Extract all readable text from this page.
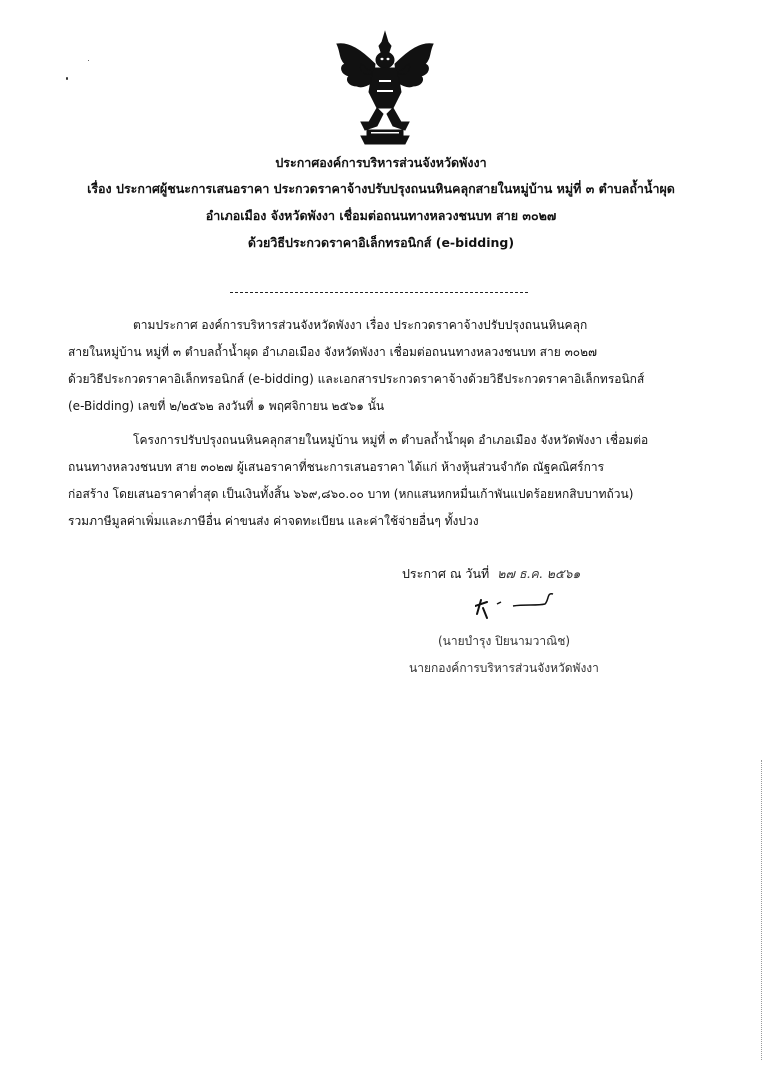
ประกาศองค์การบริหารส่วนจังหวัดพังงา
เรื่อง ประกาศผู้ชนะการเสนอราคา ประกวดราคาจ้างปรับปรุงถนนหินคลุกสายในหมู่บ้าน หมู่ที่ ๓ ตำบลถ้ำน้ำผุด
อำเภอเมือง จังหวัดพังงา เชื่อมต่อถนนทางหลวงชนบท สาย ๓๐๒๗
ด้วยวิธีประกวดราคาอิเล็กทรอนิกส์ (e-bidding)
ตามประกาศ องค์การบริหารส่วนจังหวัดพังงา เรื่อง ประกวดราคาจ้างปรับปรุงถนนหินคลุก
สายในหมู่บ้าน หมู่ที่ ๓ ตำบลถ้ำน้ำผุด อำเภอเมือง จังหวัดพังงา เชื่อมต่อถนนทางหลวงชนบท สาย ๓๐๒๗
ด้วยวิธีประกวดราคาอิเล็กทรอนิกส์ (e-bidding) และเอกสารประกวดราคาจ้างด้วยวิธีประกวดราคาอิเล็กทรอนิกส์
(e-Bidding) เลขที่ ๒/๒๕๖๒ ลงวันที่ ๑ พฤศจิกายน ๒๕๖๑ นั้น
โครงการปรับปรุงถนนหินคลุกสายในหมู่บ้าน หมู่ที่ ๓ ตำบลถ้ำน้ำผุด อำเภอเมือง จังหวัดพังงา เชื่อมต่อ
ถนนทางหลวงชนบท สาย ๓๐๒๗ ผู้เสนอราคาที่ชนะการเสนอราคา ได้แก่ ห้างหุ้นส่วนจำกัด ณัฐคณิศร์การ
ก่อสร้าง โดยเสนอราคาต่ำสุด เป็นเงินทั้งสิ้น ๖๖๙,๘๖๐.๐๐ บาท (หกแสนหกหมื่นเก้าพันแปดร้อยหกสิบบาทถ้วน)
รวมภาษีมูลค่าเพิ่มและภาษีอื่น ค่าขนส่ง ค่าจดทะเบียน และค่าใช้จ่ายอื่นๆ ทั้งปวง
ประกาศ ณ วันที่ ๒๗ ธ.ค. ๒๕๖๑
(นายบำรุง ปิยนามวาณิช)
นายกองค์การบริหารส่วนจังหวัดพังงา
